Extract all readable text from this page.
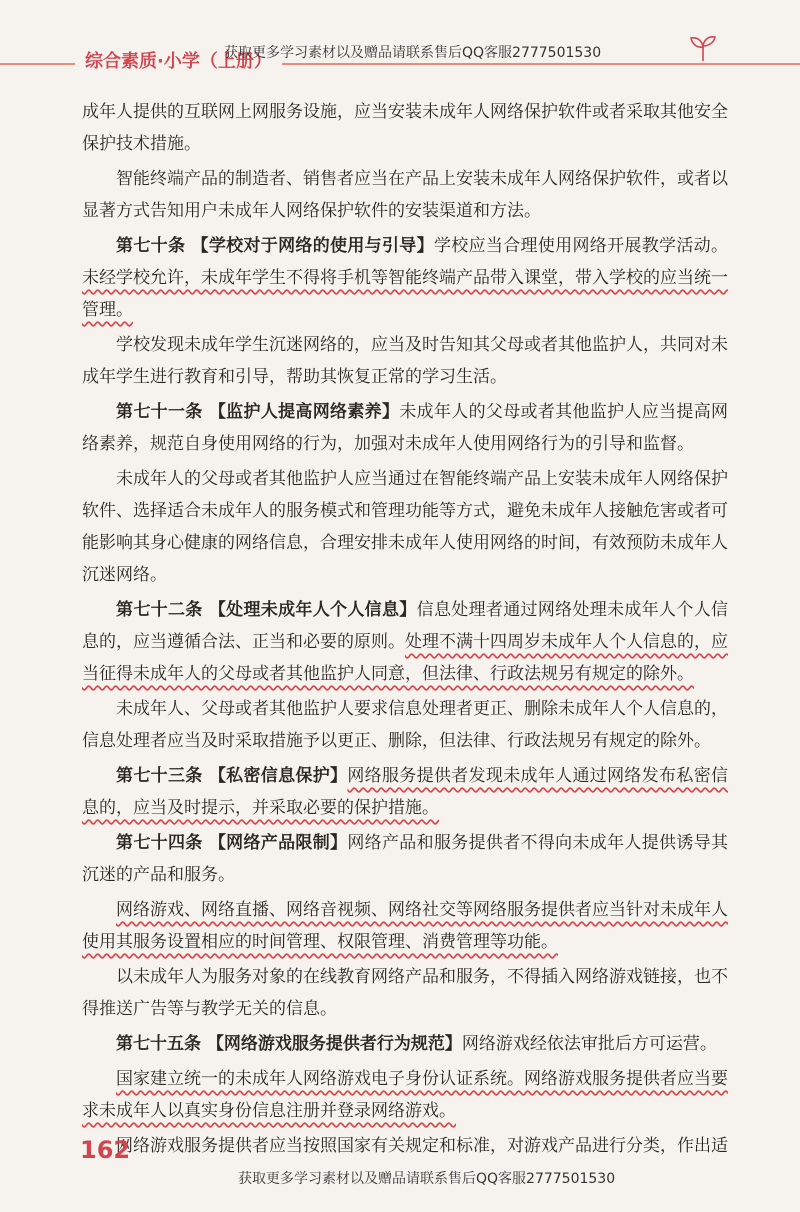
综合素质·小学（上册）
获取更多学习素材以及赠品请联系售后QQ客服2777501530

成年人提供的互联网上网服务设施，应当安装未成年人网络保护软件或者采取其他安全保护技术措施。

智能终端产品的制造者、销售者应当在产品上安装未成年人网络保护软件，或者以显著方式告知用户未成年人网络保护软件的安装渠道和方法。

第七十条 【学校对于网络的使用与引导】学校应当合理使用网络开展教学活动。未经学校允许，未成年学生不得将手机等智能终端产品带入课堂，带入学校的应当统一管理。

学校发现未成年学生沉迷网络的，应当及时告知其父母或者其他监护人，共同对未成年学生进行教育和引导，帮助其恢复正常的学习生活。

第七十一条 【监护人提高网络素养】未成年人的父母或者其他监护人应当提高网络素养，规范自身使用网络的行为，加强对未成年人使用网络行为的引导和监督。

未成年人的父母或者其他监护人应当通过在智能终端产品上安装未成年人网络保护软件、选择适合未成年人的服务模式和管理功能等方式，避免未成年人接触危害或者可能影响其身心健康的网络信息，合理安排未成年人使用网络的时间，有效预防未成年人沉迷网络。

第七十二条 【处理未成年人个人信息】信息处理者通过网络处理未成年人个人信息的，应当遵循合法、正当和必要的原则。处理不满十四周岁未成年人个人信息的，应当征得未成年人的父母或者其他监护人同意，但法律、行政法规另有规定的除外。

未成年人、父母或者其他监护人要求信息处理者更正、删除未成年人个人信息的，信息处理者应当及时采取措施予以更正、删除，但法律、行政法规另有规定的除外。

第七十三条 【私密信息保护】网络服务提供者发现未成年人通过网络发布私密信息的，应当及时提示，并采取必要的保护措施。

第七十四条 【网络产品限制】网络产品和服务提供者不得向未成年人提供诱导其沉迷的产品和服务。

网络游戏、网络直播、网络音视频、网络社交等网络服务提供者应当针对未成年人使用其服务设置相应的时间管理、权限管理、消费管理等功能。

以未成年人为服务对象的在线教育网络产品和服务，不得插入网络游戏链接，也不得推送广告等与教学无关的信息。

第七十五条 【网络游戏服务提供者行为规范】网络游戏经依法审批后方可运营。

国家建立统一的未成年人网络游戏电子身份认证系统。网络游戏服务提供者应当要求未成年人以真实身份信息注册并登录网络游戏。

网络游戏服务提供者应当按照国家有关规定和标准，对游戏产品进行分类，作出适

162
获取更多学习素材以及赠品请联系售后QQ客服2777501530
